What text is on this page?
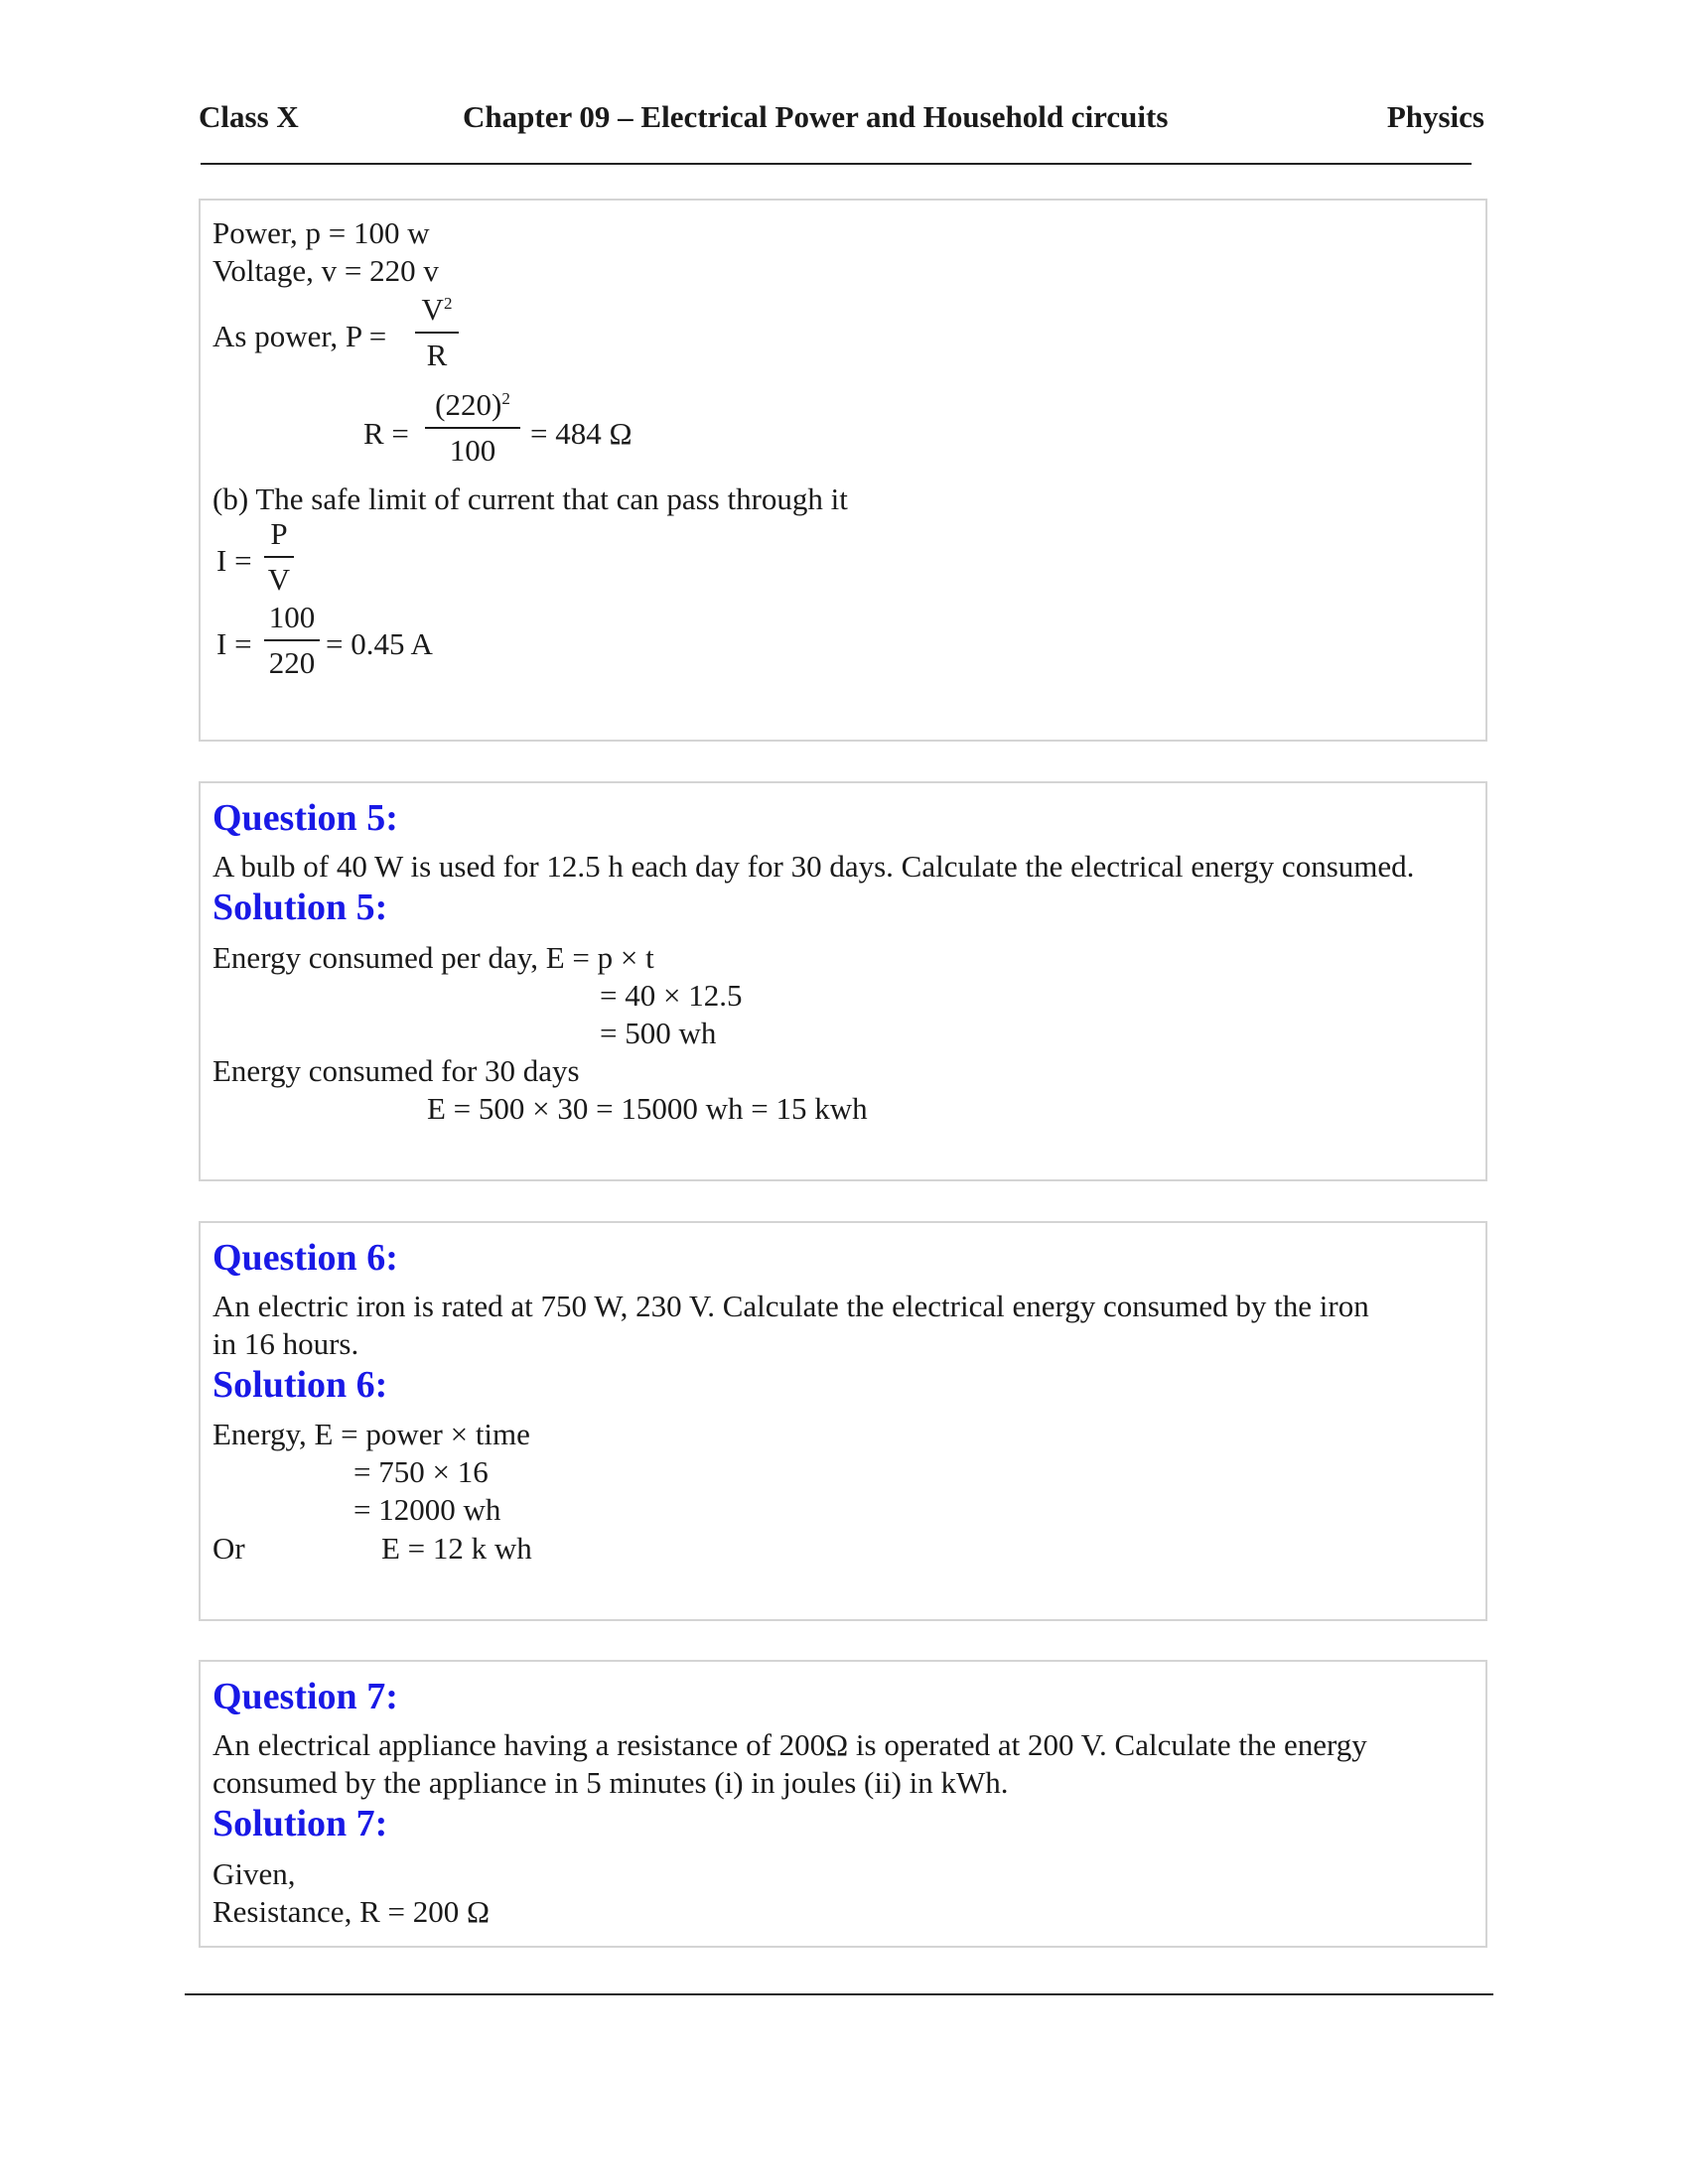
Class X	Chapter 09 – Electrical Power and Household circuits	Physics
Power, p = 100 w
Voltage, v = 220 v
As power, P =
$V^2$
R
R =
$(220)^2$
100	= 484 Ω
(b) The safe limit of current that can pass through it
I =
P
V
I =
100
220
= 0.45 A
Question 5:
A bulb of 40 W is used for 12.5 h each day for 30 days. Calculate the electrical energy consumed.
Solution 5:
Energy consumed per day, E = p × t
= 40 × 12.5
= 500 wh
Energy consumed for 30 days
E = 500 × 30 = 15000 wh = 15 kwh
Question 6:
An electric iron is rated at 750 W, 230 V. Calculate the electrical energy consumed by the iron
in 16 hours.
Solution 6:
Energy, E = power × time
= 750 × 16
= 12000 wh
Or	E = 12 k wh
Question 7:
An electrical appliance having a resistance of 200Ω is operated at 200 V. Calculate the energy
consumed by the appliance in 5 minutes (i) in joules (ii) in kWh.
Solution 7:
Given,
Resistance, R = 200 Ω
